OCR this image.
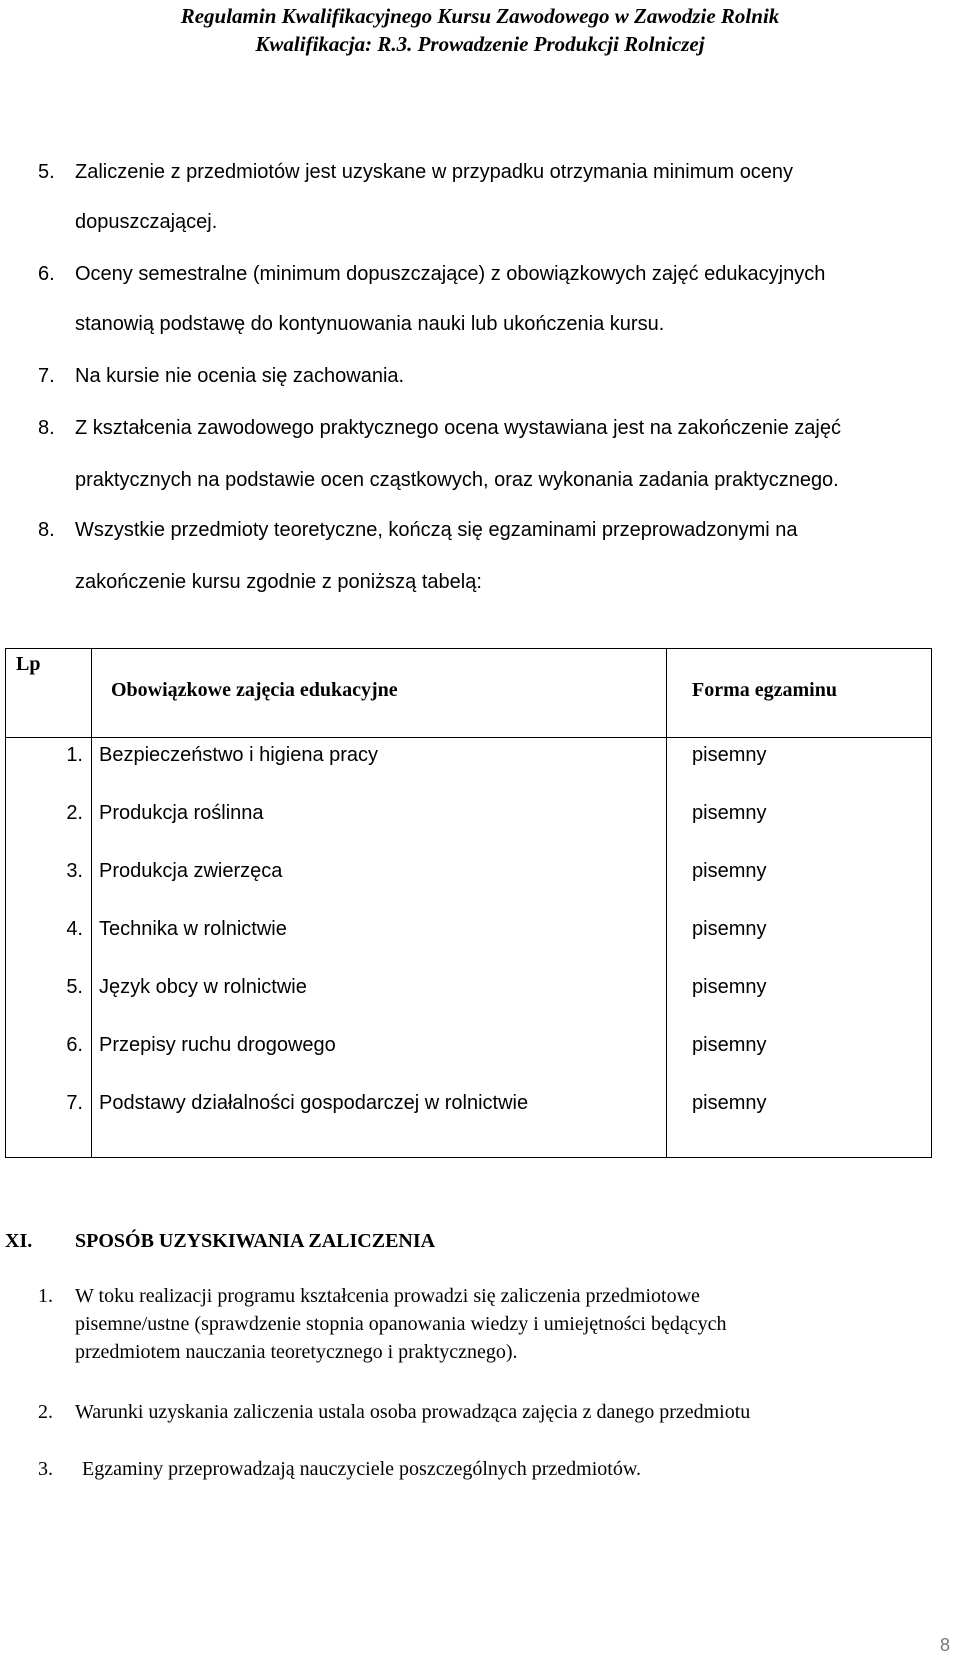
Regulamin Kwalifikacyjnego Kursu Zawodowego w Zawodzie Rolnik
Kwalifikacja: R.3. Prowadzenie Produkcji Rolniczej
5. Zaliczenie z przedmiotów jest uzyskane w przypadku otrzymania minimum oceny
dopuszczającej.
6. Oceny semestralne (minimum dopuszczające) z obowiązkowych zajęć edukacyjnych
stanowią podstawę do kontynuowania nauki lub ukończenia kursu.
7. Na kursie nie ocenia się zachowania.
8. Z kształcenia zawodowego praktycznego ocena wystawiana jest na zakończenie zajęć
praktycznych na podstawie ocen cząstkowych, oraz wykonania zadania praktycznego.
8. Wszystkie przedmioty teoretyczne, kończą się egzaminami przeprowadzonymi na
zakończenie kursu zgodnie z poniższą tabelą:
Lp	Obowiązkowe zajęcia edukacyjne	Forma egzaminu
1.	Bezpieczeństwo i higiena pracy	pisemny
2.	Produkcja roślinna	pisemny
3.	Produkcja zwierzęca	pisemny
4.	Technika w rolnictwie	pisemny
5.	Język obcy w rolnictwie	pisemny
6.	Przepisy ruchu drogowego	pisemny
7.	Podstawy działalności gospodarczej w rolnictwie	pisemny
XI. SPOSÓB UZYSKIWANIA ZALICZENIA
1. W toku realizacji programu kształcenia prowadzi się zaliczenia przedmiotowe
pisemne/ustne (sprawdzenie stopnia opanowania wiedzy i umiejętności będących
przedmiotem nauczania teoretycznego i praktycznego).
2. Warunki uzyskania zaliczenia ustala osoba prowadząca zajęcia z danego przedmiotu
3. Egzaminy przeprowadzają nauczyciele poszczególnych przedmiotów.
8
